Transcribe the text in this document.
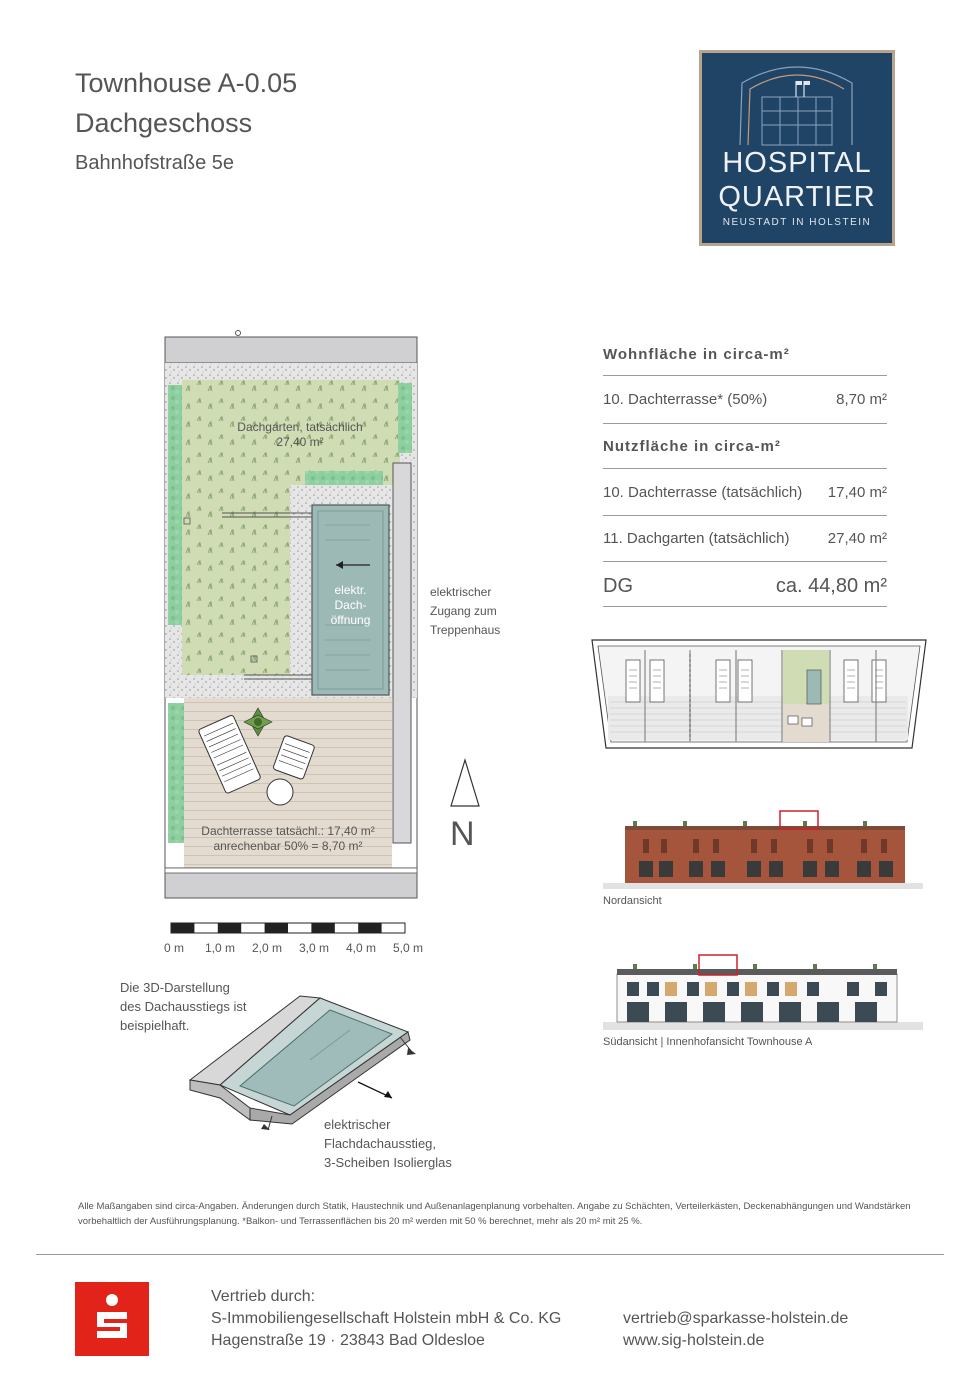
Townhouse A-0.05
Dachgeschoss
Bahnhofstraße 5e	HOSPITAL
QUARTIER
NEUSTADT IN HOLSTEIN
Dachgarten, tatsächlich
27,40 m²
elektr.
Dach-
öffnung
elektrischer
Zugang zum
Treppenhaus
Dachterrasse tatsächl.: 17,40 m²
anrechenbar 50% = 8,70 m²	N
0 m 1,0 m 2,0 m 3,0 m 4,0 m 5,0 m
Die 3D-Darstellung
des Dachausstiegs ist
beispielhaft.
elektrischer
Flachdachausstieg,
3-Scheiben Isolierglas
Wohnfläche in circa-m²
10. Dachterrasse* (50%)	8,70 m²
Nutzfläche in circa-m²
10. Dachterrasse (tatsächlich)	17,40 m²
11. Dachgarten (tatsächlich)	27,40 m²
DG	ca. 44,80 m²
Nordansicht
Südansicht | Innenhofansicht Townhouse A
Alle Maßangaben sind circa-Angaben. Änderungen durch Statik, Haustechnik und Außenanlagenplanung vorbehalten. Angabe zu Schächten, Verteilerkästen, Deckenabhängungen und Wandstärken
vorbehaltlich der Ausführungsplanung. *Balkon- und Terrassenflächen bis 20 m² werden mit 50 % berechnet, mehr als 20 m² mit 25 %.
Vertrieb durch:
S-Immobiliengesellschaft Holstein mbH & Co. KG
Hagenstraße 19 · 23843 Bad Oldesloe
vertrieb@sparkasse-holstein.de
www.sig-holstein.de
